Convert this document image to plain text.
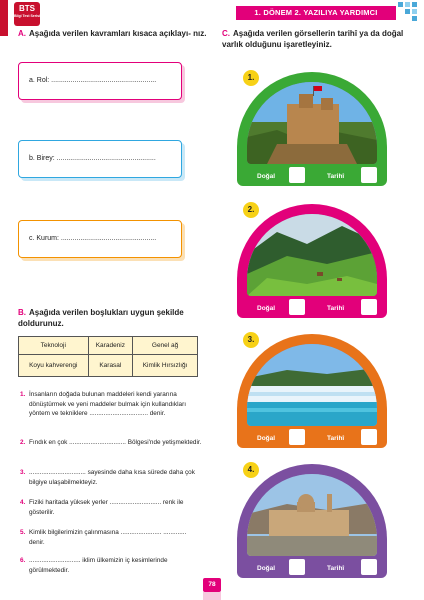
BTS
Bilgi Test Serisi	1. DÖNEM 2. YAZILIYA YARDIMCI
A. Aşağıda verilen kavramları kısaca açıklayı- nız.
a. Rol: ......................................................
b. Birey: ...................................................
c. Kurum: .................................................
B. Aşağıda verilen boşlukları uygun şekilde doldurunuz.
Teknoloji	Karadeniz	Genel ağ
Koyu kahverengi	Karasal	Kimlik Hırsızlığı
1. İnsanların doğada bulunan maddeleri kendi yararına dönüştürmek ve yeni maddeler bulmak için kullandıkları yöntem ve tekniklere ................................. denir.
2. Fındık en çok ................................ Bölgesi'nde yetişmektedir.
3. ................................ sayesinde daha kısa sürede daha çok bilgiye ulaşabilmekteyiz.
4. Fiziki haritada yüksek yerler ............................. renk ile gösterilir.
5. Kimlik bilgilerimizin çalınmasına ....................... ............. denir.
6. ............................. iklim ülkemizin iç kesimlerinde görülmektedir.
C. Aşağıda verilen görsellerin tarihî ya da doğal varlık olduğunu işaretleyiniz.
1.
Doğal	Tarihî
2.
Doğal	Tarihî
3.
Doğal	Tarihî
4.
Doğal	Tarihî
78
